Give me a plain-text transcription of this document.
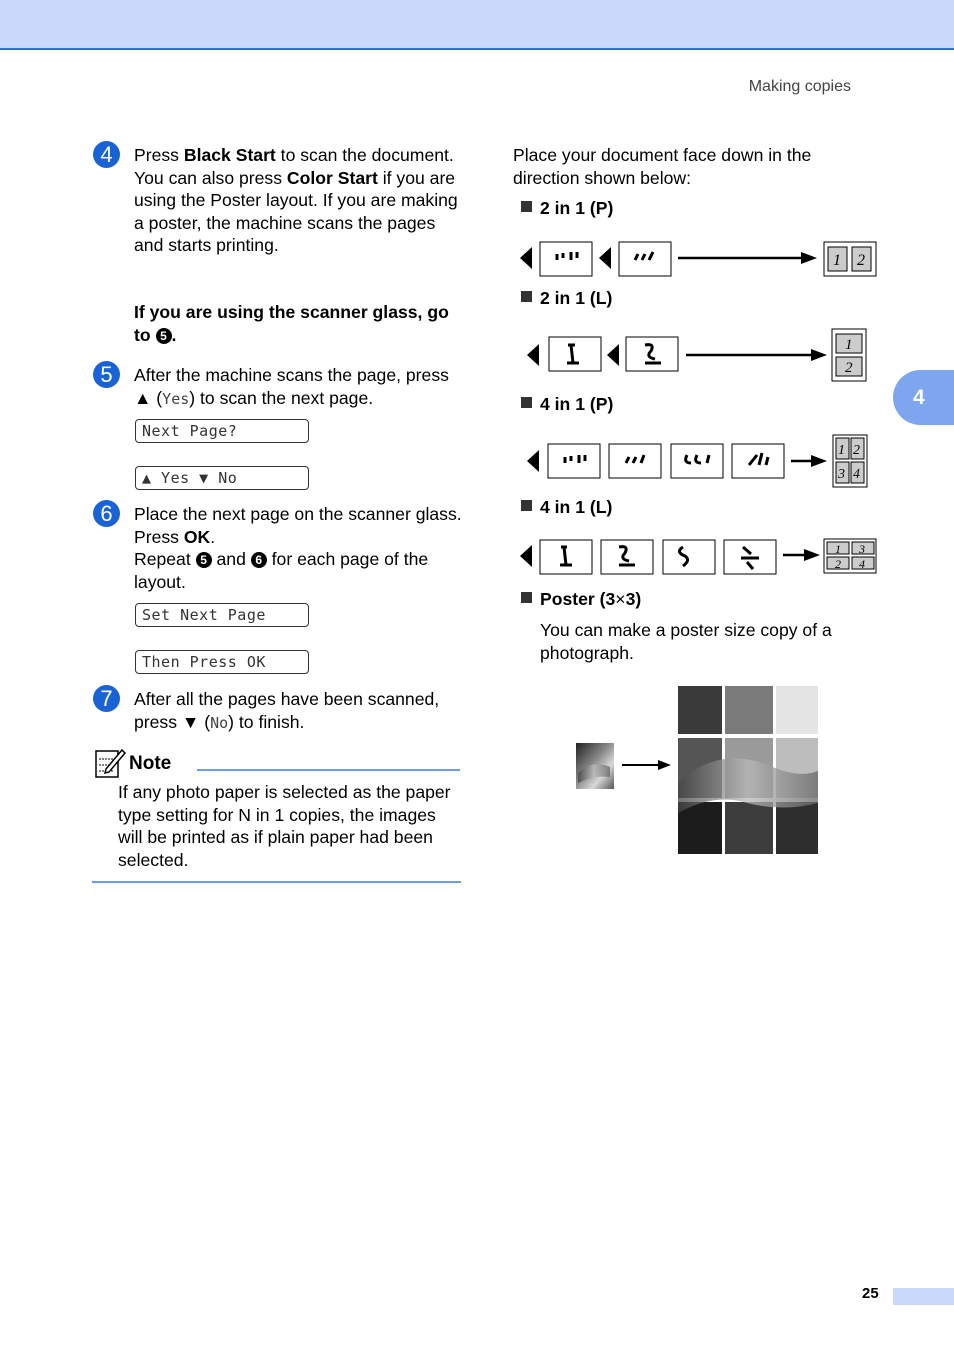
Making copies
4
4	Press Black Start to scan the document. You can also press Color Start if you are using the Poster layout. If you are making a poster, the machine scans the pages and starts printing.
If you are using the scanner glass, go to 5 .
5	After the machine scans the page, press ▲ (Yes) to scan the next page.
Next Page?
▲ Yes ▼ No
6	Place the next page on the scanner glass. Press OK.
Repeat 5 and 6 for each page of the layout.
Set Next Page
Then Press OK
7	After all the pages have been scanned, press ▼ (No) to finish.
Note
If any photo paper is selected as the paper type setting for N in 1 copies, the images will be printed as if plain paper had been selected.
Place your document face down in the direction shown below:
2 in 1 (P)
1 2
2 in 1 (L)
1
2
4 in 1 (P)
1 2
3 4
4 in 1 (L)
1 3
2 4
Poster (3×3)
You can make a poster size copy of a photograph.
25
